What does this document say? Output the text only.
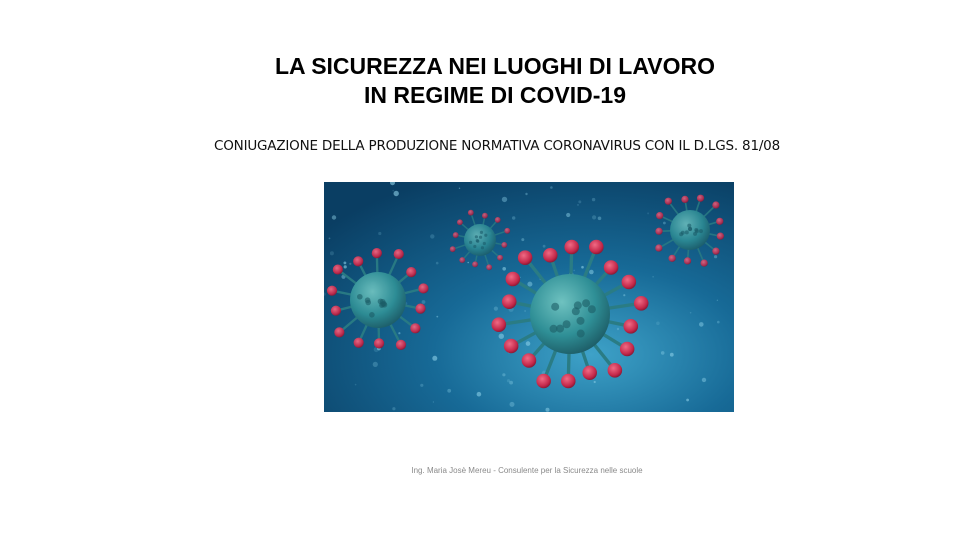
LA SICUREZZA NEI LUOGHI DI LAVORO
IN REGIME DI COVID-19
CONIUGAZIONE DELLA PRODUZIONE NORMATIVA CORONAVIRUS CON IL D.LGS. 81/08
Ing. Maria Josè Mereu - Consulente per la Sicurezza nelle scuole
